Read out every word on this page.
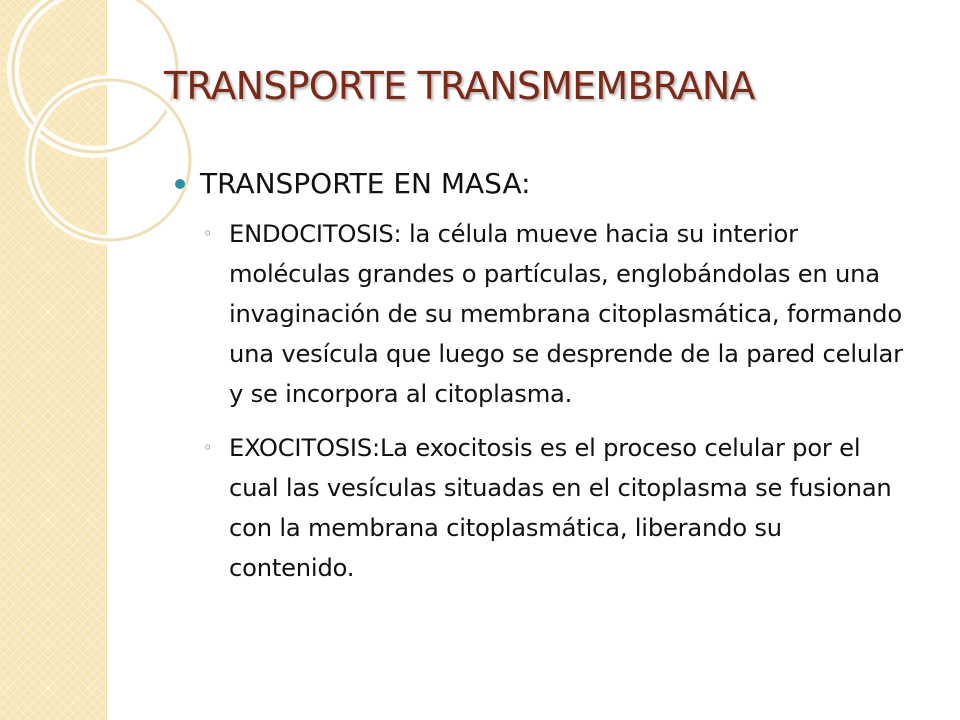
TRANSPORTE TRANSMEMBRANA
TRANSPORTE EN MASA:
◦ ENDOCITOSIS: la célula mueve hacia su interior moléculas grandes o partículas, englobándolas en una invaginación de su membrana citoplasmática, formando una vesícula que luego se desprende de la pared celular y se incorpora al citoplasma.
◦ EXOCITOSIS:La exocitosis es el proceso celular por el cual las vesículas situadas en el citoplasma se fusionan con la membrana citoplasmática, liberando su contenido.
